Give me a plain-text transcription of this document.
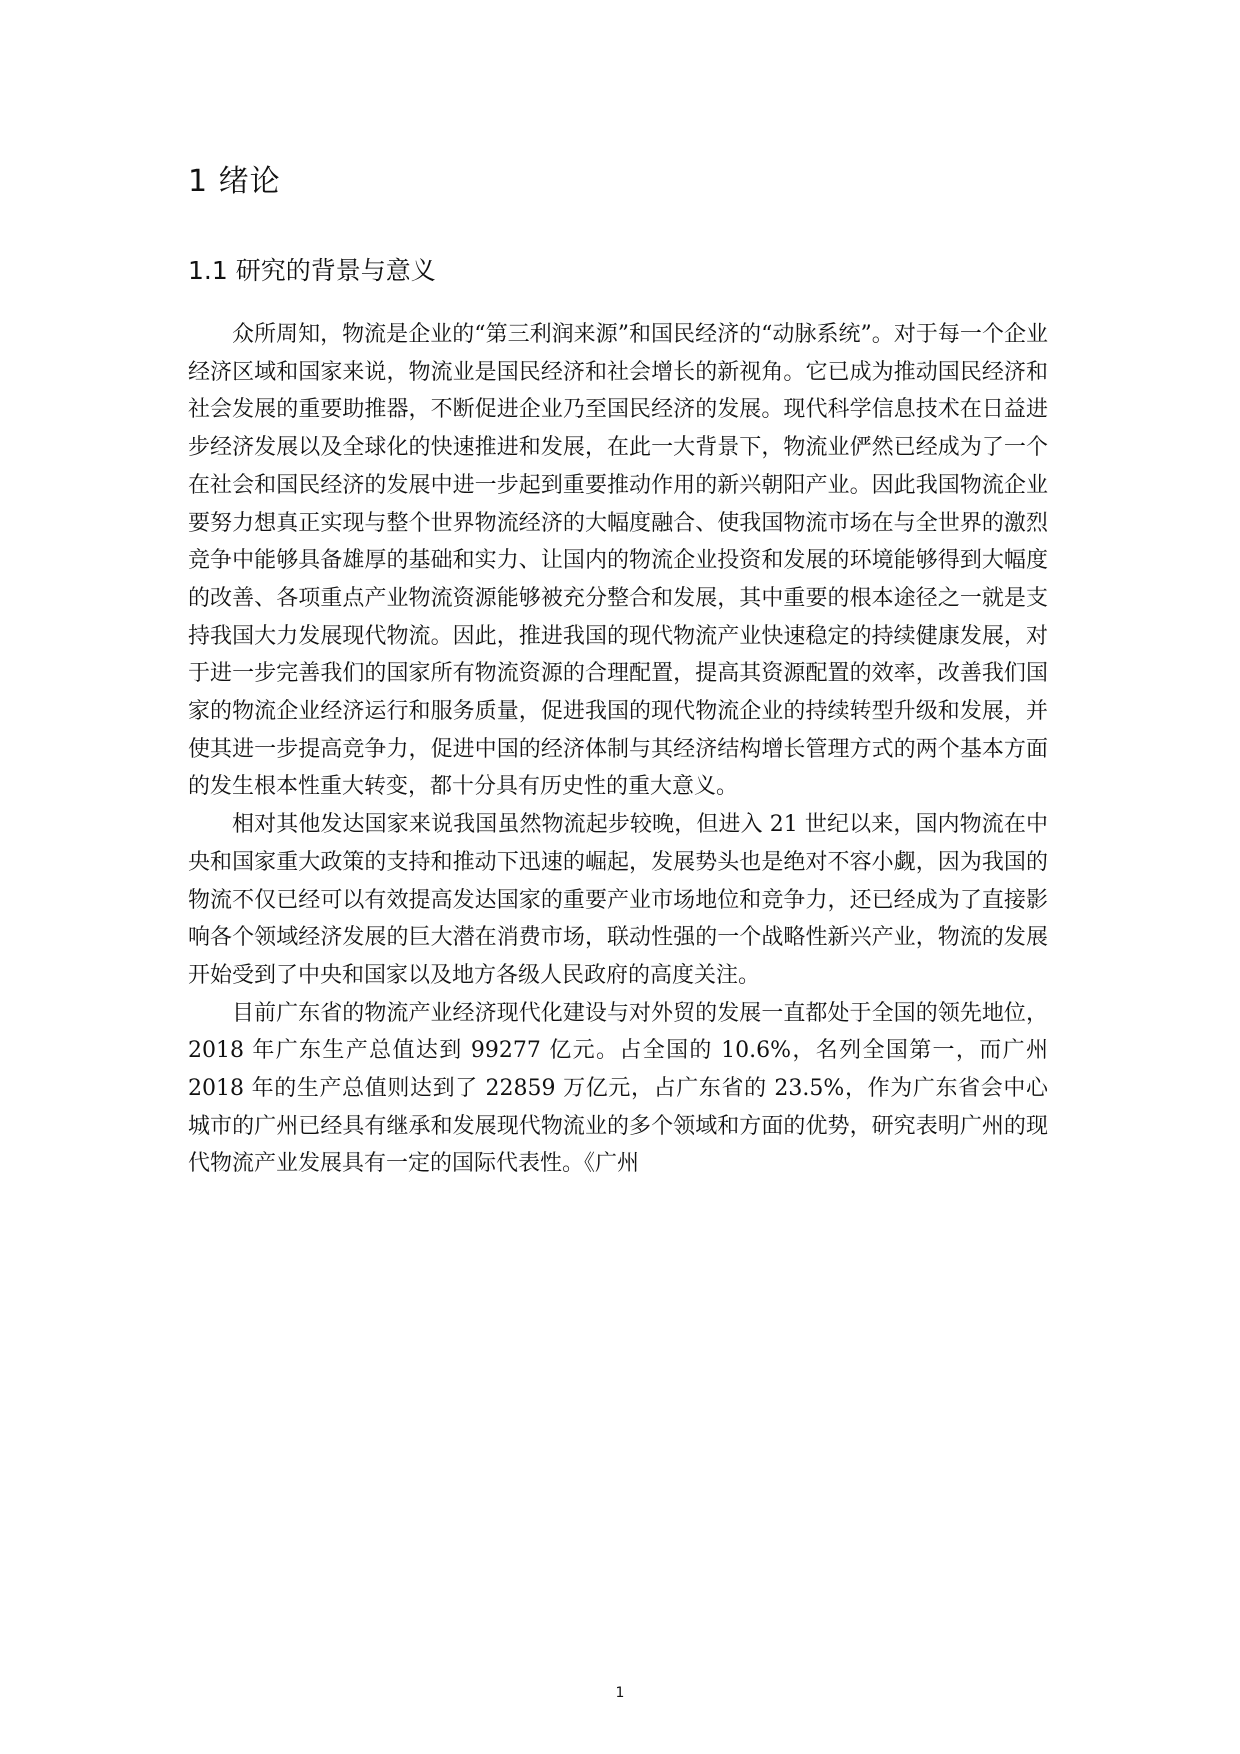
1 绪论
1.1 研究的背景与意义

众所周知，物流是企业的“第三利润来源”和国民经济的“动脉系统”。对于每一个企业经济区域和国家来说，物流业是国民经济和社会增长的新视角。它已成为推动国民经济和社会发展的重要助推器，不断促进企业乃至国民经济的发展。现代科学信息技术在日益进步经济发展以及全球化的快速推进和发展，在此一大背景下，物流业俨然已经成为了一个在社会和国民经济的发展中进一步起到重要推动作用的新兴朝阳产业。因此我国物流企业要努力想真正实现与整个世界物流经济的大幅度融合、使我国物流市场在与全世界的激烈竞争中能够具备雄厚的基础和实力、让国内的物流企业投资和发展的环境能够得到大幅度的改善、各项重点产业物流资源能够被充分整合和发展，其中重要的根本途径之一就是支持我国大力发展现代物流。因此，推进我国的现代物流产业快速稳定的持续健康发展，对于进一步完善我们的国家所有物流资源的合理配置，提高其资源配置的效率，改善我们国家的物流企业经济运行和服务质量，促进我国的现代物流企业的持续转型升级和发展，并使其进一步提高竞争力，促进中国的经济体制与其经济结构增长管理方式的两个基本方面的发生根本性重大转变，都十分具有历史性的重大意义。

相对其他发达国家来说我国虽然物流起步较晚，但进入 21 世纪以来，国内物流在中央和国家重大政策的支持和推动下迅速的崛起，发展势头也是绝对不容小觑，因为我国的物流不仅已经可以有效提高发达国家的重要产业市场地位和竞争力，还已经成为了直接影响各个领域经济发展的巨大潜在消费市场，联动性强的一个战略性新兴产业，物流的发展开始受到了中央和国家以及地方各级人民政府的高度关注。

目前广东省的物流产业经济现代化建设与对外贸的发展一直都处于全国的领先地位，2018 年广东生产总值达到 99277 亿元。占全国的 10.6%，名列全国第一，而广州 2018 年的生产总值则达到了 22859 万亿元，占广东省的 23.5%，作为广东省会中心城市的广州已经具有继承和发展现代物流业的多个领域和方面的优势，研究表明广州的现代物流产业发展具有一定的国际代表性。《广州

1
